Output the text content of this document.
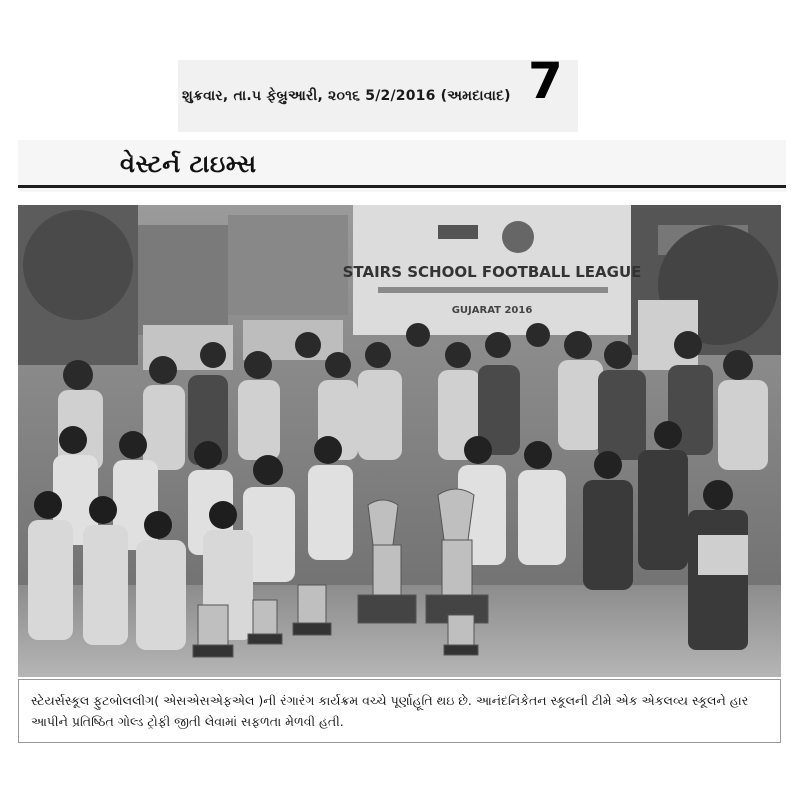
શુક્રવાર, તા.૫ ફેબ્રુઆરી, ૨૦૧૬ 5/2/2016 (અમદાવાદ) 7
વેસ્ટર્ન ટાઇમ્સ
STAIRS SCHOOL FOOTBALL LEAGUE
GUJARAT 2016
સ્ટેયર્સસ્કૂલ ફુટબોલલીગ( એસએસએફએલ )ની રંગારંગ કાર્યક્રમ વચ્ચે પૂર્ણાહૂતિ થઇ છે. આનંદનિકેતન સ્કૂલની ટીમે એક એકલવ્ય સ્કૂલને હાર આપીને પ્રતિષ્ઠિત ગોલ્ડ ટ્રોફી જીતી લેવામાં સફળતા મેળવી હતી.
